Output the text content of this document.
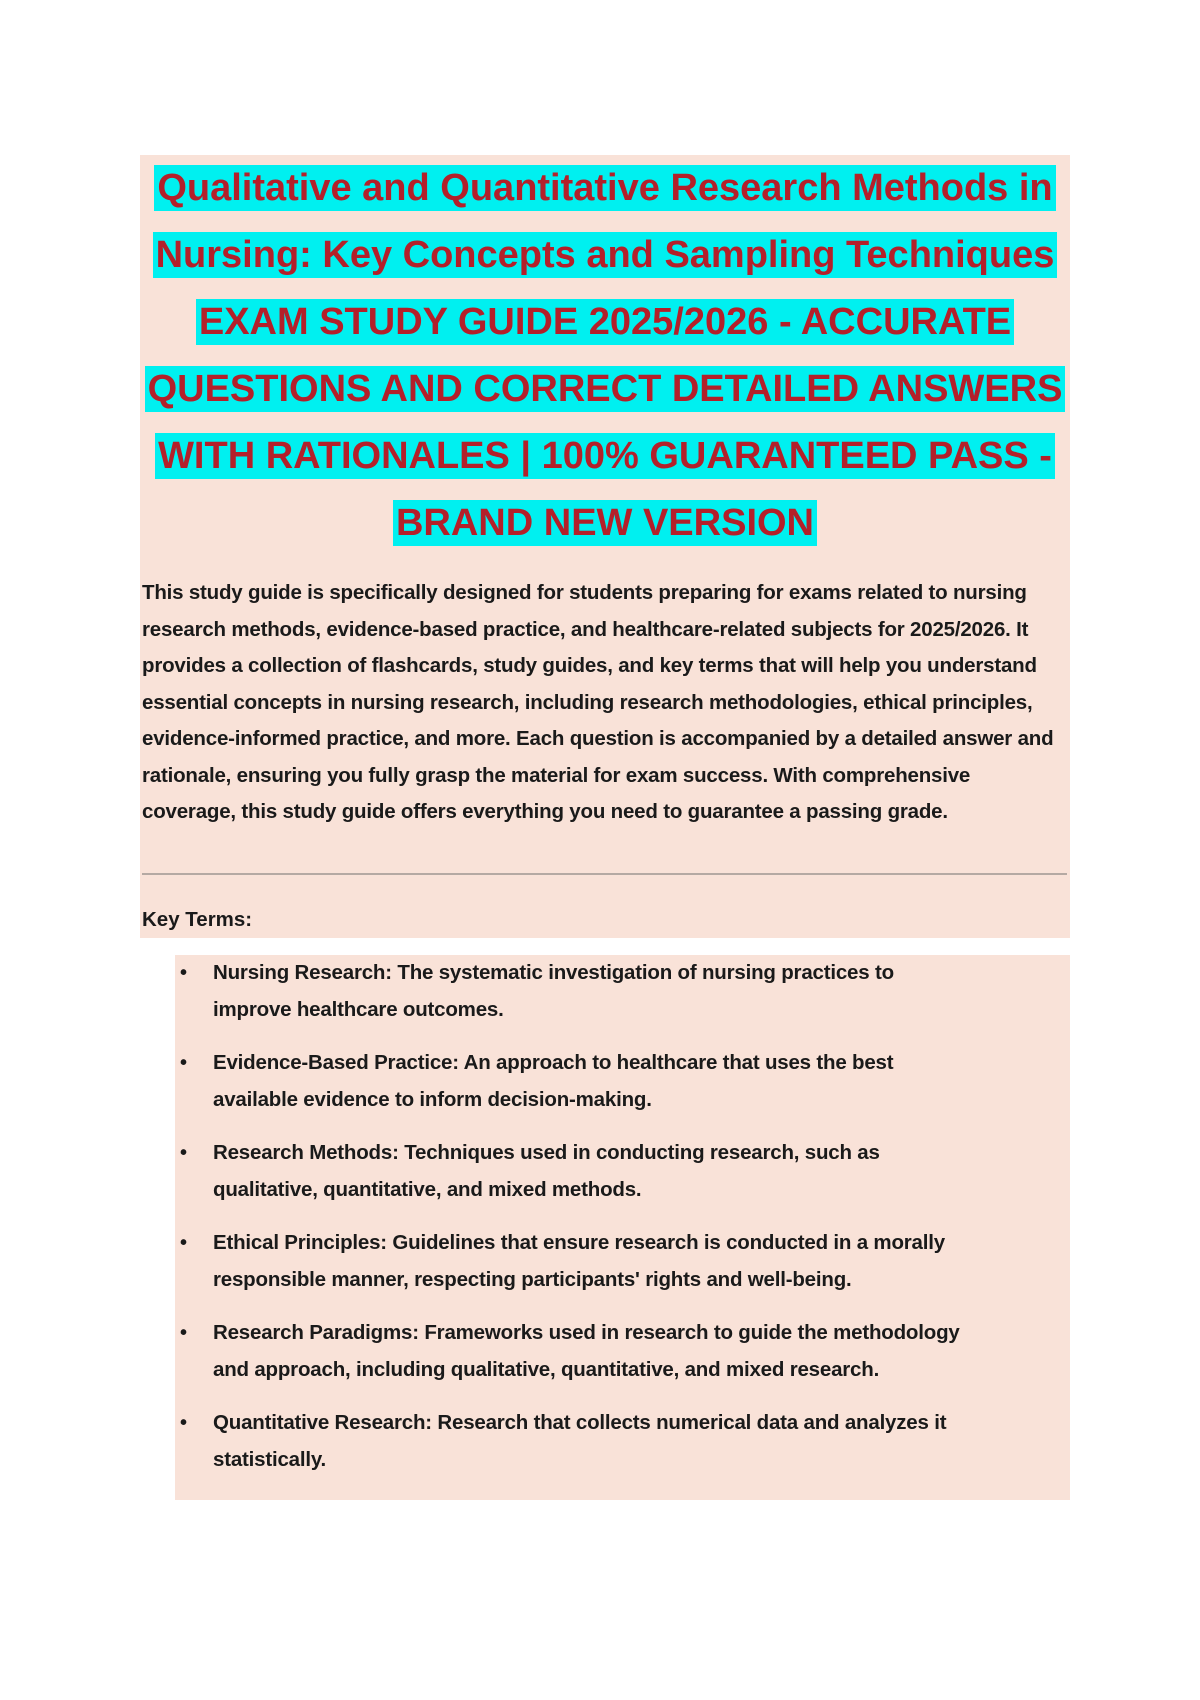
Qualitative and Quantitative Research Methods in
Nursing: Key Concepts and Sampling Techniques
EXAM STUDY GUIDE 2025/2026 - ACCURATE
QUESTIONS AND CORRECT DETAILED ANSWERS
WITH RATIONALES | 100% GUARANTEED PASS -
BRAND NEW VERSION

This study guide is specifically designed for students preparing for exams related to nursing research methods, evidence-based practice, and healthcare-related subjects for 2025/2026. It provides a collection of flashcards, study guides, and key terms that will help you understand essential concepts in nursing research, including research methodologies, ethical principles, evidence-informed practice, and more. Each question is accompanied by a detailed answer and rationale, ensuring you fully grasp the material for exam success. With comprehensive coverage, this study guide offers everything you need to guarantee a passing grade.

Key Terms:

• Nursing Research: The systematic investigation of nursing practices to improve healthcare outcomes.
• Evidence-Based Practice: An approach to healthcare that uses the best available evidence to inform decision-making.
• Research Methods: Techniques used in conducting research, such as qualitative, quantitative, and mixed methods.
• Ethical Principles: Guidelines that ensure research is conducted in a morally responsible manner, respecting participants' rights and well-being.
• Research Paradigms: Frameworks used in research to guide the methodology and approach, including qualitative, quantitative, and mixed research.
• Quantitative Research: Research that collects numerical data and analyzes it statistically.
